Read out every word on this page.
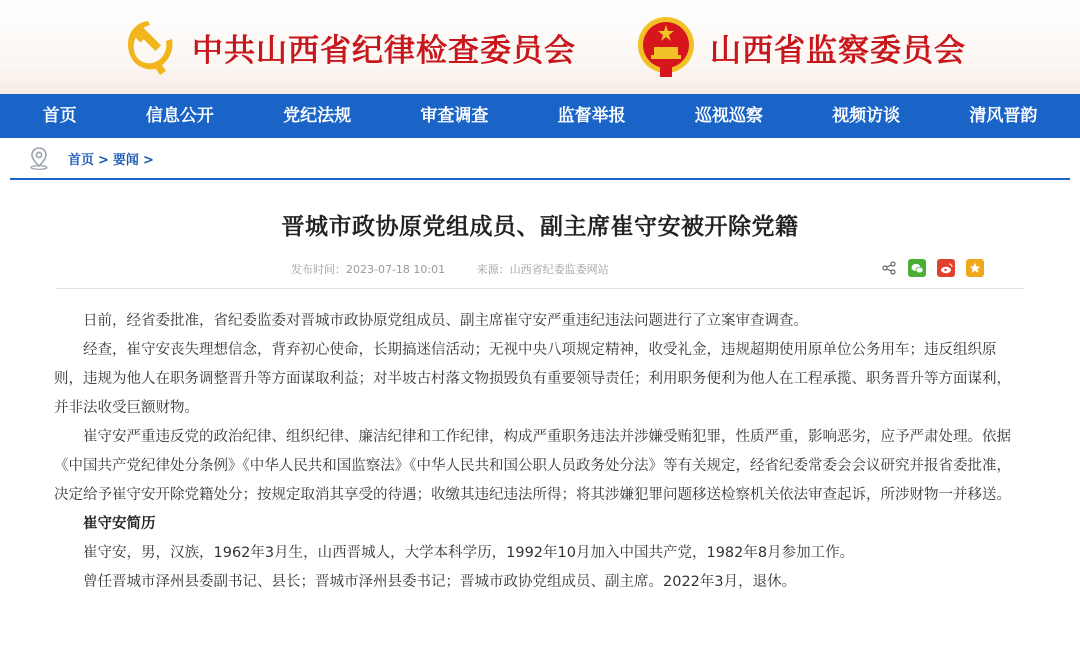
中共山西省纪律检查委员会	山西省监察委员会
首页	信息公开	党纪法规	审查调查	监督举报	巡视巡察	视频访谈	清风晋韵
首页 > 要闻 >
晋城市政协原党组成员、副主席崔守安被开除党籍
发布时间：2023-07-18 10:01	来源：山西省纪委监委网站

日前，经省委批准，省纪委监委对晋城市政协原党组成员、副主席崔守安严重违纪违法问题进行了立案审查调查。

经查，崔守安丧失理想信念，背弃初心使命，长期搞迷信活动；无视中央八项规定精神，收受礼金，违规超期使用原单位公务用车；违反组织原则，违规为他人在职务调整晋升等方面谋取利益；对半坡古村落文物损毁负有重要领导责任；利用职务便利为他人在工程承揽、职务晋升等方面谋利，并非法收受巨额财物。

崔守安严重违反党的政治纪律、组织纪律、廉洁纪律和工作纪律，构成严重职务违法并涉嫌受贿犯罪，性质严重，影响恶劣，应予严肃处理。依据《中国共产党纪律处分条例》《中华人民共和国监察法》《中华人民共和国公职人员政务处分法》等有关规定，经省纪委常委会会议研究并报省委批准，决定给予崔守安开除党籍处分；按规定取消其享受的待遇；收缴其违纪违法所得；将其涉嫌犯罪问题移送检察机关依法审查起诉，所涉财物一并移送。

崔守安简历

崔守安，男，汉族，1962年3月生，山西晋城人，大学本科学历，1992年10月加入中国共产党，1982年8月参加工作。

曾任晋城市泽州县委副书记、县长；晋城市泽州县委书记；晋城市政协党组成员、副主席。2022年3月，退休。
